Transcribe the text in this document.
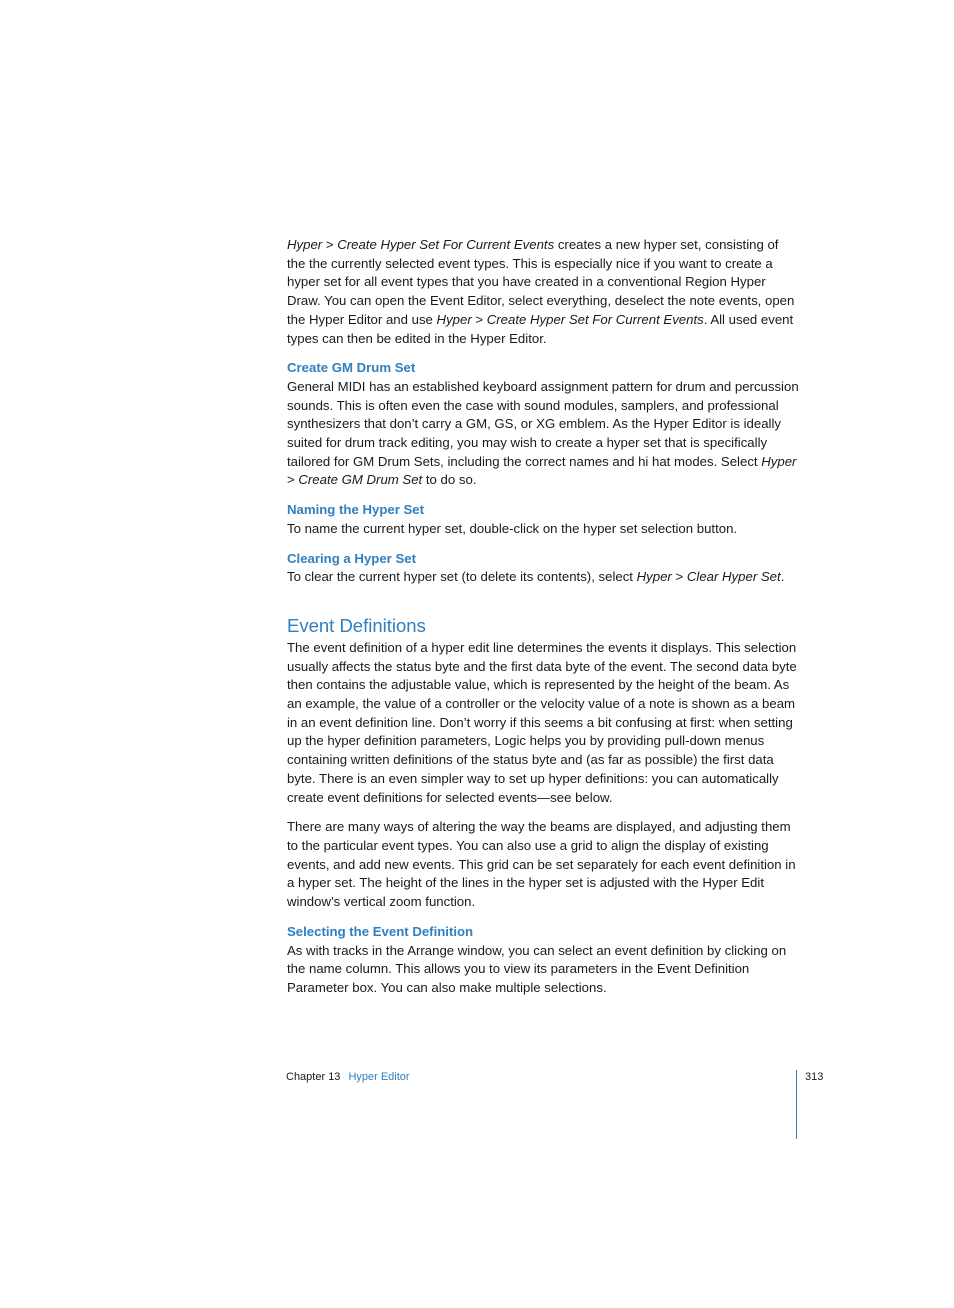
Hyper > Create Hyper Set For Current Events creates a new hyper set, consisting of the the currently selected event types. This is especially nice if you want to create a hyper set for all event types that you have created in a conventional Region Hyper Draw. You can open the Event Editor, select everything, deselect the note events, open the Hyper Editor and use Hyper > Create Hyper Set For Current Events. All used event types can then be edited in the Hyper Editor.

Create GM Drum Set

General MIDI has an established keyboard assignment pattern for drum and percussion sounds. This is often even the case with sound modules, samplers, and professional synthesizers that don’t carry a GM, GS, or XG emblem. As the Hyper Editor is ideally suited for drum track editing, you may wish to create a hyper set that is specifically tailored for GM Drum Sets, including the correct names and hi hat modes. Select Hyper > Create GM Drum Set to do so.

Naming the Hyper Set

To name the current hyper set, double-click on the hyper set selection button.

Clearing a Hyper Set

To clear the current hyper set (to delete its contents), select Hyper > Clear Hyper Set.

Event Definitions

The event definition of a hyper edit line determines the events it displays. This selection usually affects the status byte and the first data byte of the event. The second data byte then contains the adjustable value, which is represented by the height of the beam. As an example, the value of a controller or the velocity value of a note is shown as a beam in an event definition line. Don’t worry if this seems a bit confusing at first: when setting up the hyper definition parameters, Logic helps you by providing pull-down menus containing written definitions of the status byte and (as far as possible) the first data byte. There is an even simpler way to set up hyper definitions: you can automatically create event definitions for selected events—see below.

There are many ways of altering the way the beams are displayed, and adjusting them to the particular event types. You can also use a grid to align the display of existing events, and add new events. This grid can be set separately for each event definition in a hyper set. The height of the lines in the hyper set is adjusted with the Hyper Edit window’s vertical zoom function.

Selecting the Event Definition

As with tracks in the Arrange window, you can select an event definition by clicking on the name column. This allows you to view its parameters in the Event Definition Parameter box. You can also make multiple selections.

Chapter 13 Hyper Editor	313
